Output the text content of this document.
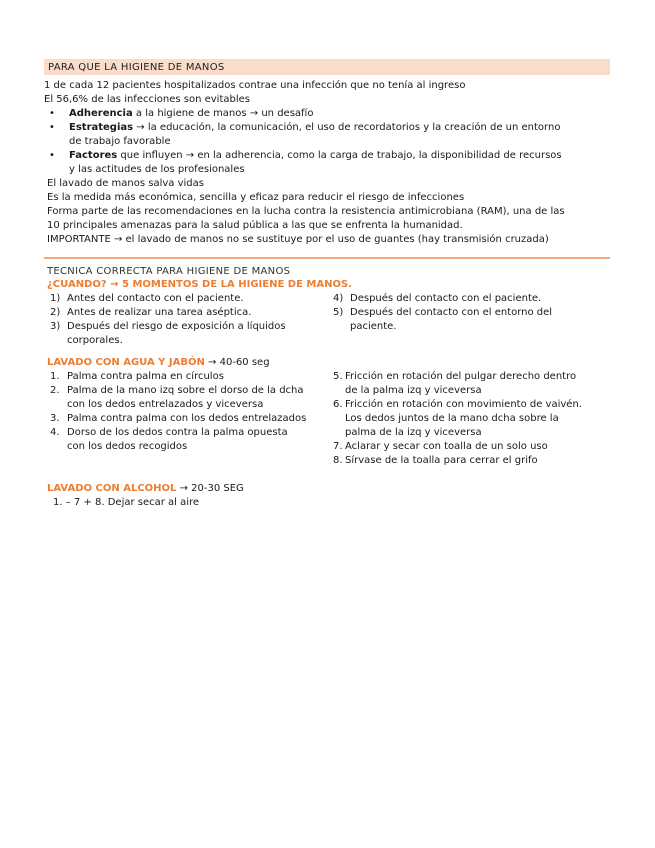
PARA QUE LA HIGIENE DE MANOS
1 de cada 12 pacientes hospitalizados contrae una infección que no tenía al ingreso
El 56,6% de las infecciones son evitables
• Adherencia a la higiene de manos → un desafío
• Estrategias → la educación, la comunicación, el uso de recordatorios y la creación de un entorno
de trabajo favorable
• Factores que influyen → en la adherencia, como la carga de trabajo, la disponibilidad de recursos
y las actitudes de los profesionales
El lavado de manos salva vidas
Es la medida más económica, sencilla y eficaz para reducir el riesgo de infecciones
Forma parte de las recomendaciones en la lucha contra la resistencia antimicrobiana (RAM), una de las
10 principales amenazas para la salud pública a las que se enfrenta la humanidad.
IMPORTANTE → el lavado de manos no se sustituye por el uso de guantes (hay transmisión cruzada)
TECNICA CORRECTA PARA HIGIENE DE MANOS
¿CUANDO? → 5 MOMENTOS DE LA HIGIENE DE MANOS.
1) Antes del contacto con el paciente.
2) Antes de realizar una tarea aséptica.
3) Después del riesgo de exposición a líquidos
corporales.
4) Después del contacto con el paciente.
5) Después del contacto con el entorno del
paciente.
LAVADO CON AGUA Y JABÓN → 40-60 seg
1. Palma contra palma en círculos
2. Palma de la mano izq sobre el dorso de la dcha
con los dedos entrelazados y viceversa
3. Palma contra palma con los dedos entrelazados
4. Dorso de los dedos contra la palma opuesta
con los dedos recogidos
5. Fricción en rotación del pulgar derecho dentro
de la palma izq y viceversa
6. Fricción en rotación con movimiento de vaivén.
Los dedos juntos de la mano dcha sobre la
palma de la izq y viceversa
7. Aclarar y secar con toalla de un solo uso
8. Sírvase de la toalla para cerrar el grifo
LAVADO CON ALCOHOL → 20-30 SEG
1. – 7 + 8. Dejar secar al aire
